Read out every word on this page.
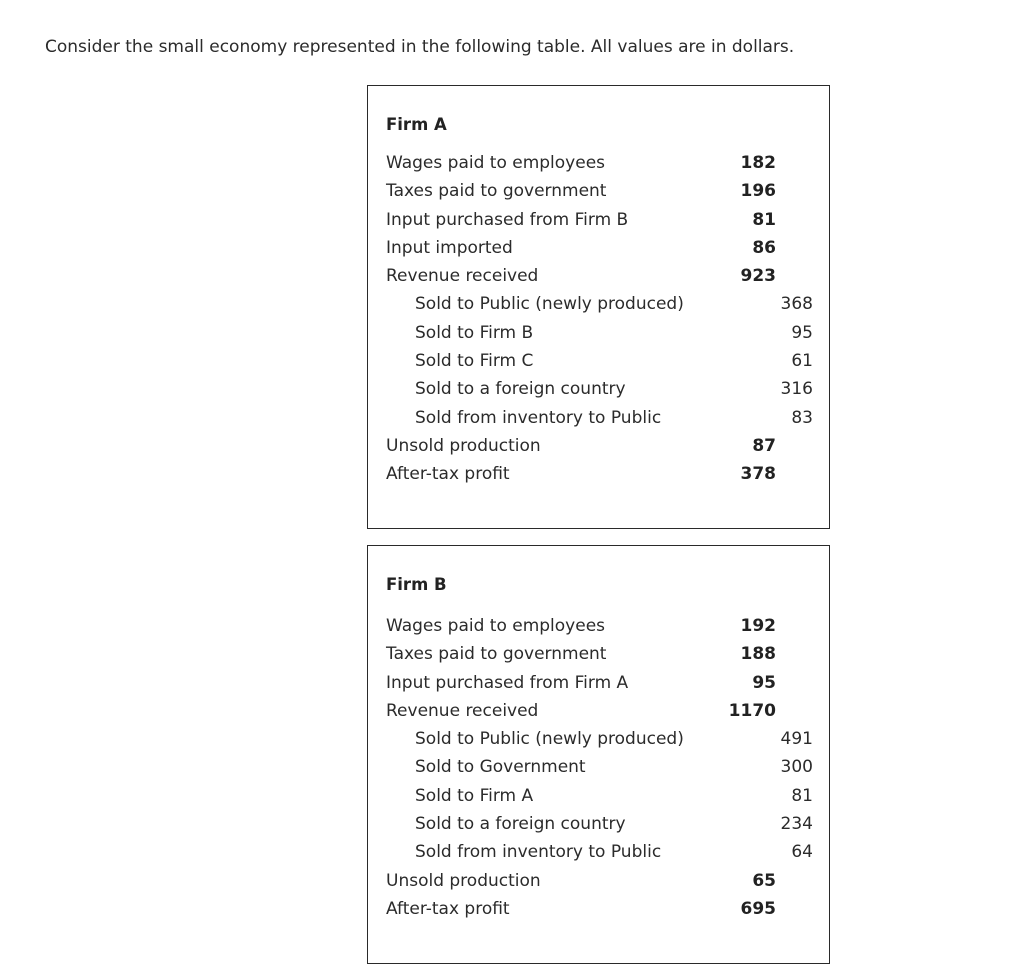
Consider the small economy represented in the following table. All values are in dollars.
Firm A
Wages paid to employees	182
Taxes paid to government	196
Input purchased from Firm B	81
Input imported	86
Revenue received	923
Sold to Public (newly produced)	368
Sold to Firm B	95
Sold to Firm C	61
Sold to a foreign country	316
Sold from inventory to Public	83
Unsold production	87
After-tax profit	378
Firm B
Wages paid to employees	192
Taxes paid to government	188
Input purchased from Firm A	95
Revenue received	1170
Sold to Public (newly produced)	491
Sold to Government	300
Sold to Firm A	81
Sold to a foreign country	234
Sold from inventory to Public	64
Unsold production	65
After-tax profit	695
